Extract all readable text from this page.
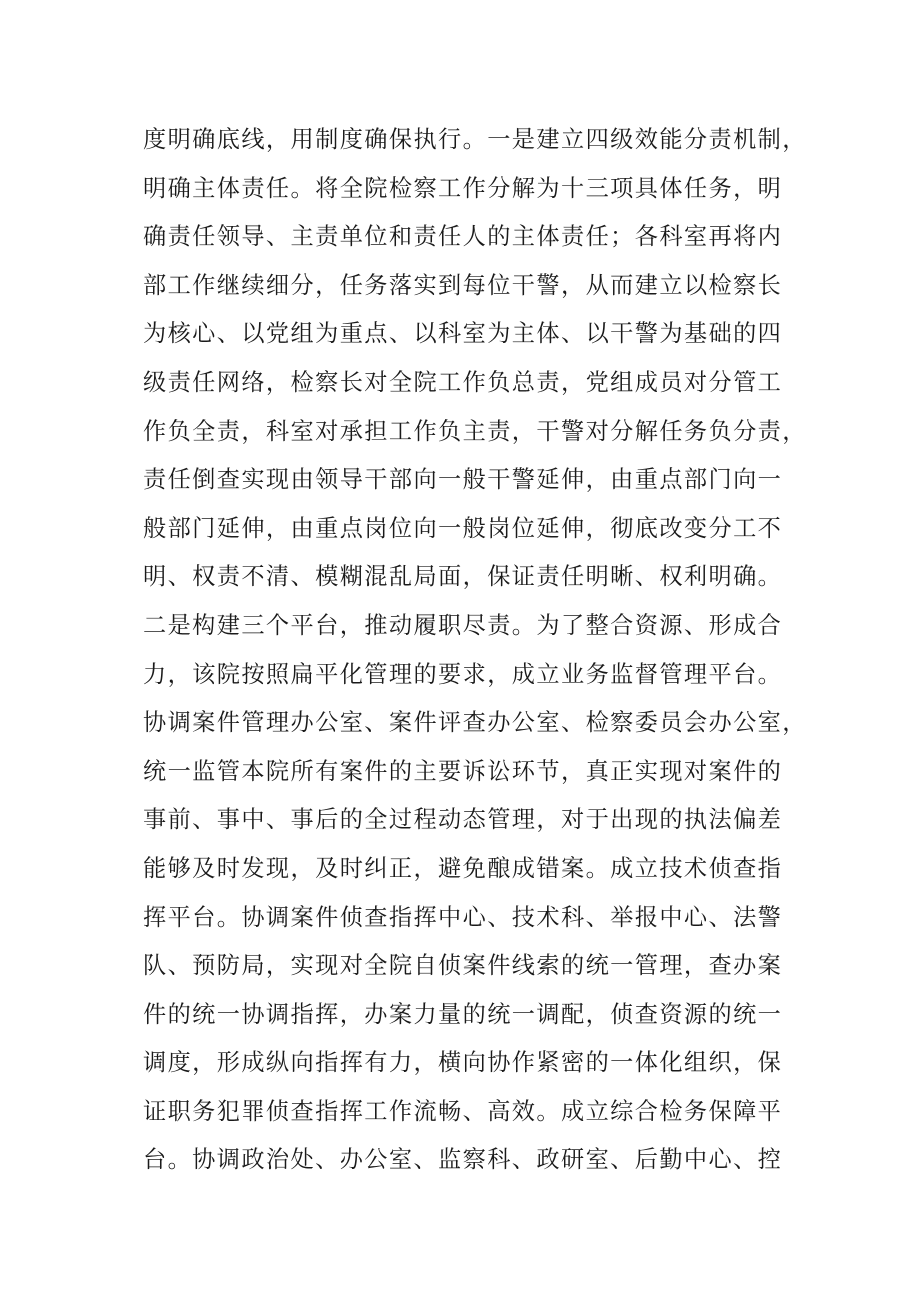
度明确底线，用制度确保执行。一是建立四级效能分责机制，
明确主体责任。将全院检察工作分解为十三项具体任务，明
确责任领导、主责单位和责任人的主体责任；各科室再将内
部工作继续细分，任务落实到每位干警，从而建立以检察长
为核心、以党组为重点、以科室为主体、以干警为基础的四
级责任网络，检察长对全院工作负总责，党组成员对分管工
作负全责，科室对承担工作负主责，干警对分解任务负分责，
责任倒查实现由领导干部向一般干警延伸，由重点部门向一
般部门延伸，由重点岗位向一般岗位延伸，彻底改变分工不
明、权责不清、模糊混乱局面，保证责任明晰、权利明确。
二是构建三个平台，推动履职尽责。为了整合资源、形成合
力，该院按照扁平化管理的要求，成立业务监督管理平台。
协调案件管理办公室、案件评查办公室、检察委员会办公室，
统一监管本院所有案件的主要诉讼环节，真正实现对案件的
事前、事中、事后的全过程动态管理，对于出现的执法偏差
能够及时发现，及时纠正，避免酿成错案。成立技术侦查指
挥平台。协调案件侦查指挥中心、技术科、举报中心、法警
队、预防局，实现对全院自侦案件线索的统一管理，查办案
件的统一协调指挥，办案力量的统一调配，侦查资源的统一
调度，形成纵向指挥有力，横向协作紧密的一体化组织，保
证职务犯罪侦查指挥工作流畅、高效。成立综合检务保障平
台。协调政治处、办公室、监察科、政研室、后勤中心、控
